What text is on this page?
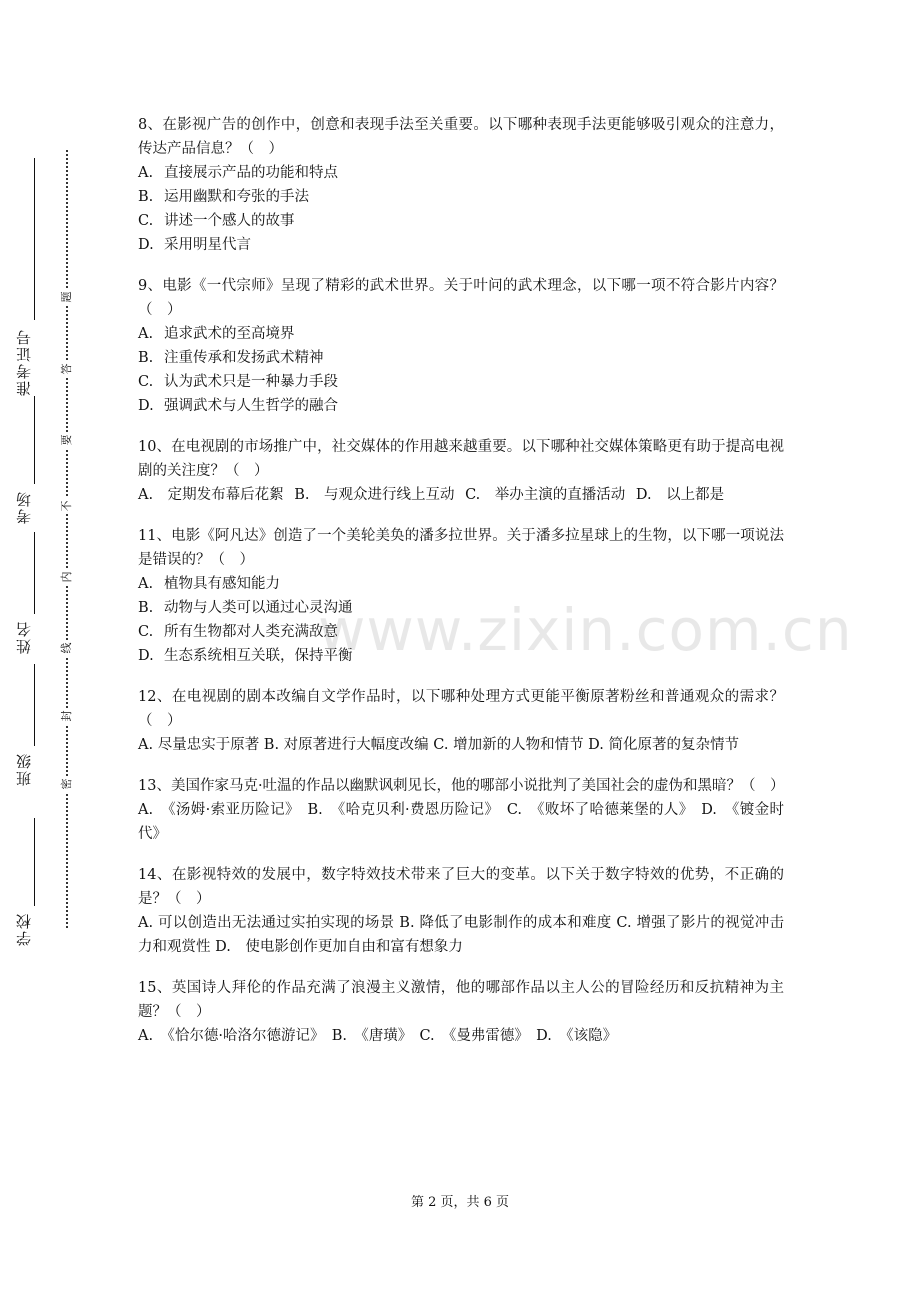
准考证号
考场
姓名
班级
学校
题
答
要
不
内
线
封
密

8、在影视广告的创作中，创意和表现手法至关重要。以下哪种表现手法更能够吸引观众的注意力，传达产品信息？（　）

A. 直接展示产品的功能和特点

B. 运用幽默和夸张的手法

C. 讲述一个感人的故事

D. 采用明星代言

9、电影《一代宗师》呈现了精彩的武术世界。关于叶问的武术理念，以下哪一项不符合影片内容？（　）

A. 追求武术的至高境界

B. 注重传承和发扬武术精神

C. 认为武术只是一种暴力手段

D. 强调武术与人生哲学的融合

10、在电视剧的市场推广中，社交媒体的作用越来越重要。以下哪种社交媒体策略更有助于提高电视剧的关注度？（　）

A.　定期发布幕后花絮 B.　与观众进行线上互动 C.　举办主演的直播活动 D.　以上都是

11、电影《阿凡达》创造了一个美轮美奂的潘多拉世界。关于潘多拉星球上的生物，以下哪一项说法是错误的？（　）

A. 植物具有感知能力

B. 动物与人类可以通过心灵沟通

C. 所有生物都对人类充满敌意

D. 生态系统相互关联，保持平衡

12、在电视剧的剧本改编自文学作品时，以下哪种处理方式更能平衡原著粉丝和普通观众的需求？（　）

A. 尽量忠实于原著 B. 对原著进行大幅度改编 C. 增加新的人物和情节 D. 简化原著的复杂情节

13、美国作家马克·吐温的作品以幽默讽刺见长，他的哪部小说批判了美国社会的虚伪和黑暗？（　）

A.　《汤姆·索亚历险记》　B.　《哈克贝利·费恩历险记》　C.　《败坏了哈德莱堡的人》　D.　《镀金时代》

14、在影视特效的发展中，数字特效技术带来了巨大的变革。以下关于数字特效的优势，不正确的是？（　）

A. 可以创造出无法通过实拍实现的场景 B. 降低了电影制作的成本和难度 C. 增强了影片的视觉冲击力和观赏性 D.　使电影创作更加自由和富有想象力

15、英国诗人拜伦的作品充满了浪漫主义激情，他的哪部作品以主人公的冒险经历和反抗精神为主题？（　）

A.　《恰尔德·哈洛尔德游记》　B.　《唐璜》　C.　《曼弗雷德》　D.　《该隐》

www.zixin.com.cn
第 2 页，共 6 页
